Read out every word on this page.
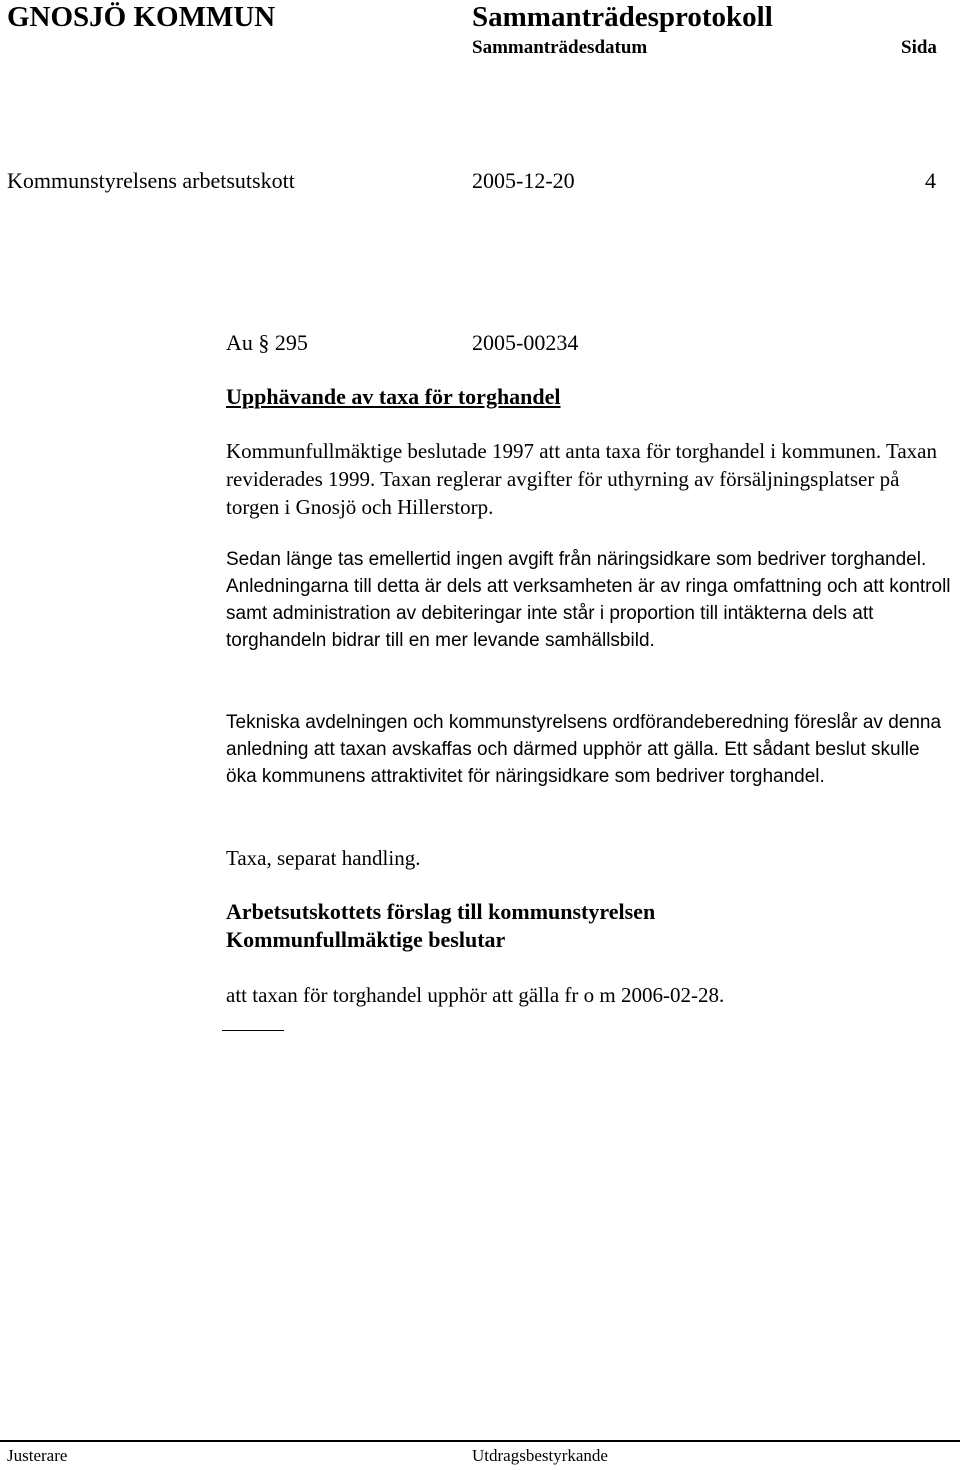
GNOSJÖ KOMMUN	Sammanträdesprotokoll
Sammanträdesdatum	Sida
Kommunstyrelsens arbetsutskott	2005-12-20	4
Au § 295	2005-00234
Upphävande av taxa för torghandel

Kommunfullmäktige beslutade 1997 att anta taxa för torghandel i kommunen. Taxan reviderades 1999. Taxan reglerar avgifter för uthyrning av försäljningsplatser på torgen i Gnosjö och Hillerstorp.

Sedan länge tas emellertid ingen avgift från näringsidkare som bedriver torghandel. Anledningarna till detta är dels att verksamheten är av ringa omfattning och att kontroll samt administration av debiteringar inte står i proportion till intäkterna dels att torghandeln bidrar till en mer levande samhällsbild.

Tekniska avdelningen och kommunstyrelsens ordförandeberedning föreslår av denna anledning att taxan avskaffas och därmed upphör att gälla. Ett sådant beslut skulle öka kommunens attraktivitet för näringsidkare som bedriver torghandel.

Taxa, separat handling.

Arbetsutskottets förslag till kommunstyrelsen
Kommunfullmäktige beslutar

att taxan för torghandel upphör att gälla fr o m 2006-02-28.

Justerare	Utdragsbestyrkande
